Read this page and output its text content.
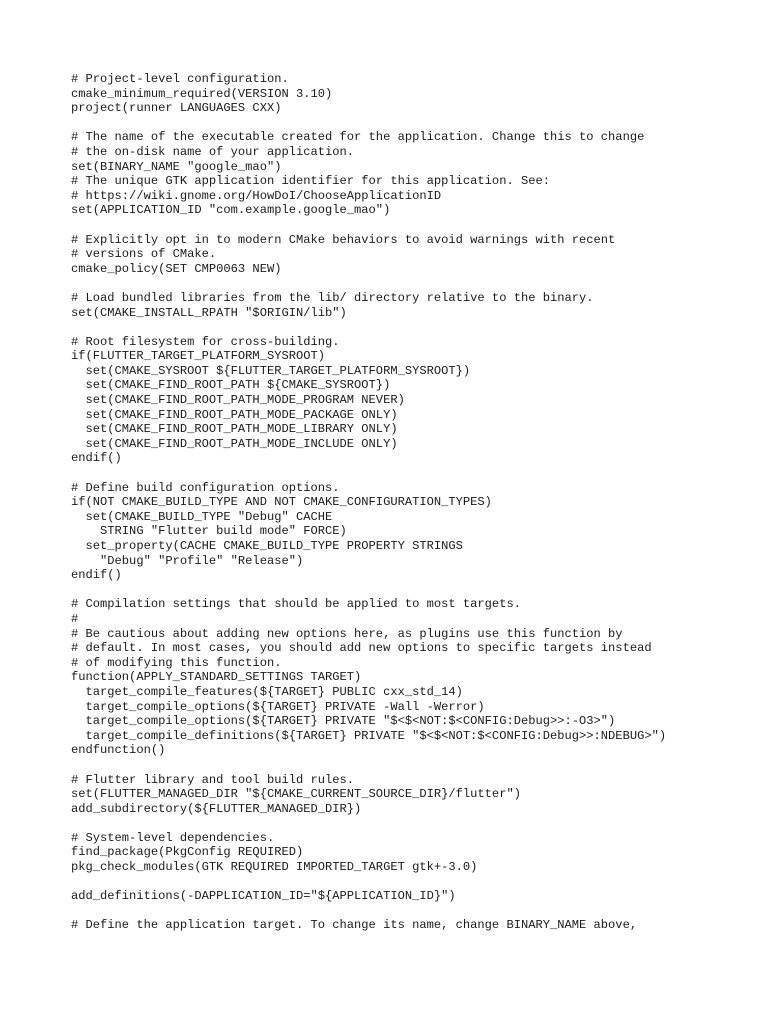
# Project-level configuration.
cmake_minimum_required(VERSION 3.10)
project(runner LANGUAGES CXX)
# The name of the executable created for the application. Change this to change
# the on-disk name of your application.
set(BINARY_NAME "google_mao")
# The unique GTK application identifier for this application. See:
# https://wiki.gnome.org/HowDoI/ChooseApplicationID
set(APPLICATION_ID "com.example.google_mao")
# Explicitly opt in to modern CMake behaviors to avoid warnings with recent
# versions of CMake.
cmake_policy(SET CMP0063 NEW)
# Load bundled libraries from the lib/ directory relative to the binary.
set(CMAKE_INSTALL_RPATH "$ORIGIN/lib")
# Root filesystem for cross-building.
if(FLUTTER_TARGET_PLATFORM_SYSROOT)
set(CMAKE_SYSROOT ${FLUTTER_TARGET_PLATFORM_SYSROOT})
set(CMAKE_FIND_ROOT_PATH ${CMAKE_SYSROOT})
set(CMAKE_FIND_ROOT_PATH_MODE_PROGRAM NEVER)
set(CMAKE_FIND_ROOT_PATH_MODE_PACKAGE ONLY)
set(CMAKE_FIND_ROOT_PATH_MODE_LIBRARY ONLY)
set(CMAKE_FIND_ROOT_PATH_MODE_INCLUDE ONLY)
endif()
# Define build configuration options.
if(NOT CMAKE_BUILD_TYPE AND NOT CMAKE_CONFIGURATION_TYPES)
set(CMAKE_BUILD_TYPE "Debug" CACHE
STRING "Flutter build mode" FORCE)
set_property(CACHE CMAKE_BUILD_TYPE PROPERTY STRINGS
"Debug" "Profile" "Release")
endif()
# Compilation settings that should be applied to most targets.
#
# Be cautious about adding new options here, as plugins use this function by
# default. In most cases, you should add new options to specific targets instead
# of modifying this function.
function(APPLY_STANDARD_SETTINGS TARGET)
target_compile_features(${TARGET} PUBLIC cxx_std_14)
target_compile_options(${TARGET} PRIVATE -Wall -Werror)
target_compile_options(${TARGET} PRIVATE "$<$<NOT:$<CONFIG:Debug>>:-O3>")
target_compile_definitions(${TARGET} PRIVATE "$<$<NOT:$<CONFIG:Debug>>:NDEBUG>")
endfunction()
# Flutter library and tool build rules.
set(FLUTTER_MANAGED_DIR "${CMAKE_CURRENT_SOURCE_DIR}/flutter")
add_subdirectory(${FLUTTER_MANAGED_DIR})
# System-level dependencies.
find_package(PkgConfig REQUIRED)
pkg_check_modules(GTK REQUIRED IMPORTED_TARGET gtk+-3.0)
add_definitions(-DAPPLICATION_ID="${APPLICATION_ID}")
# Define the application target. To change its name, change BINARY_NAME above,
